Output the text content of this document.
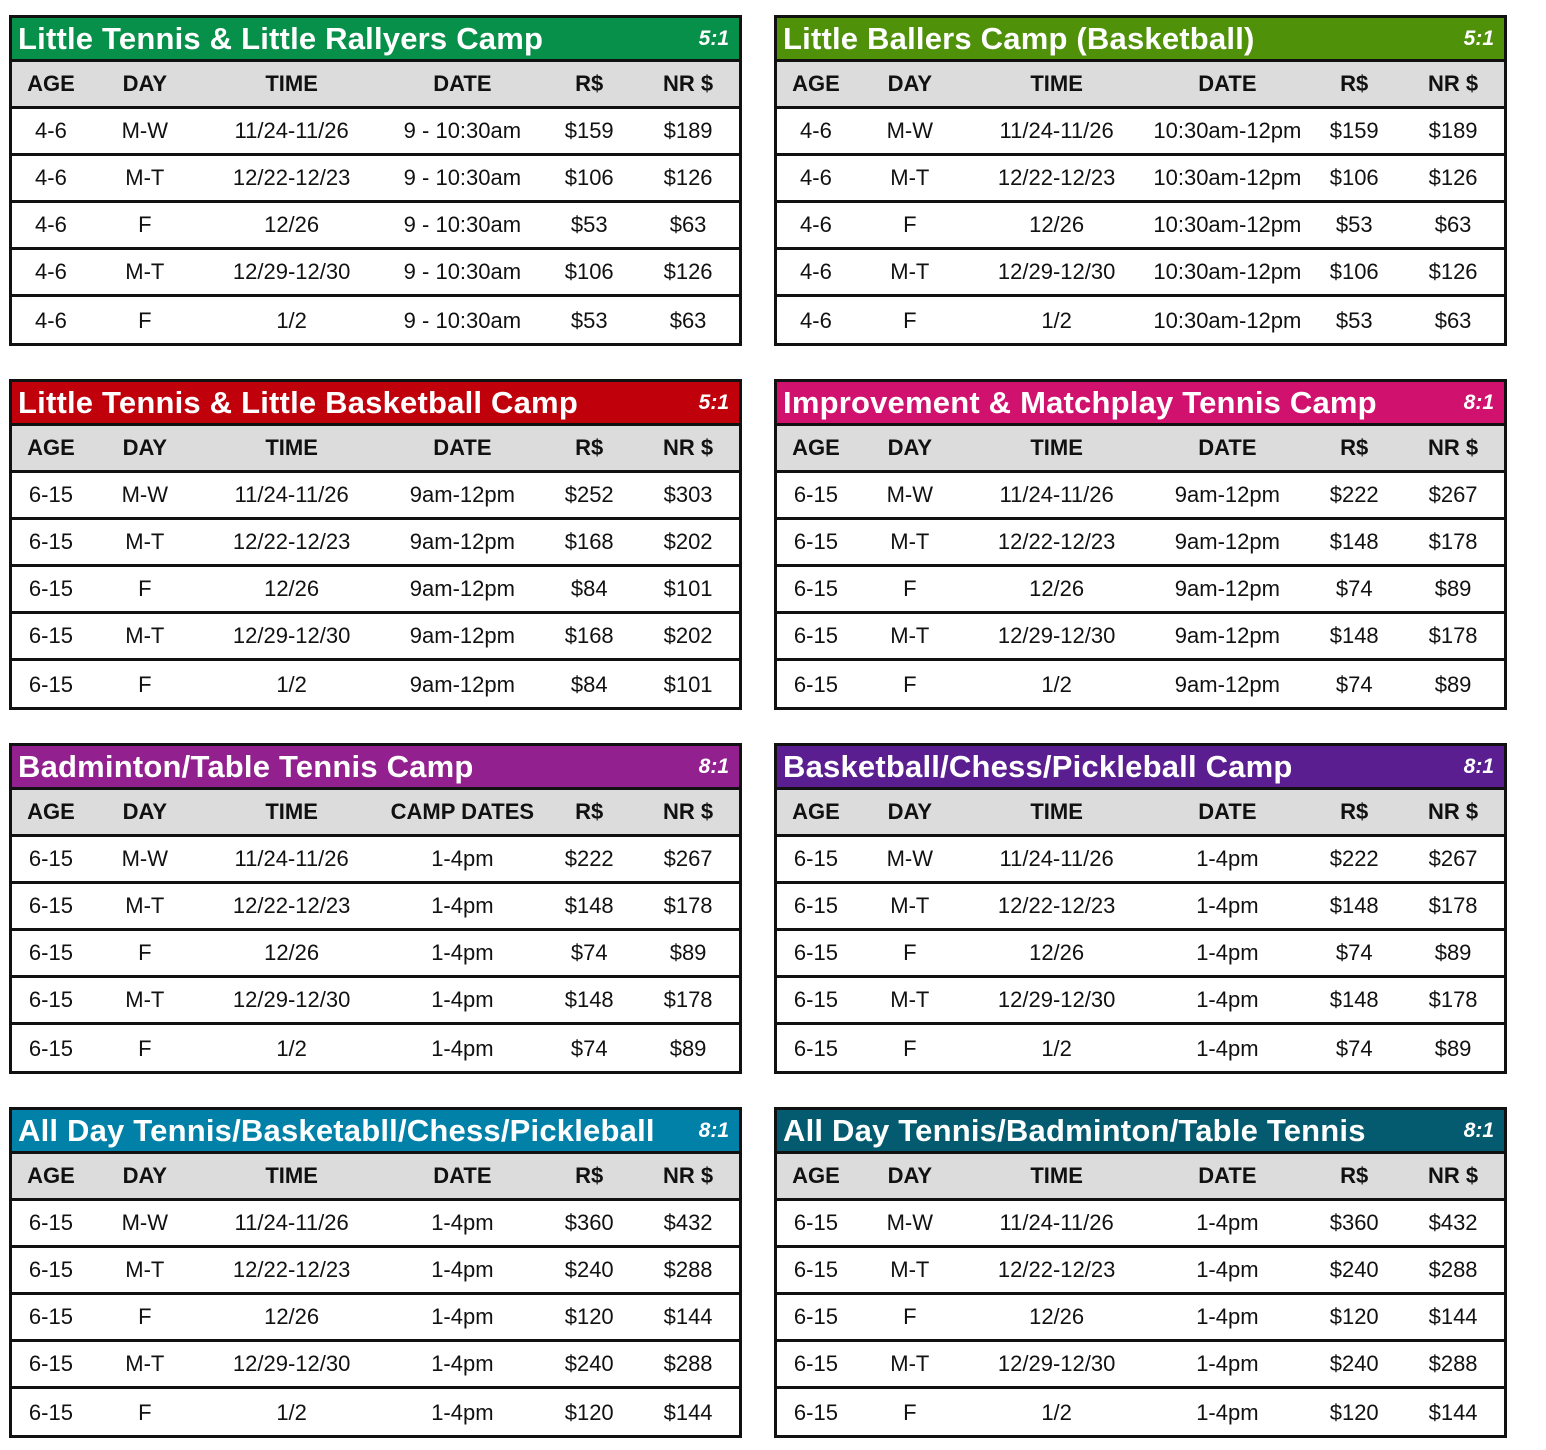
Little Tennis & Little Rallyers Camp	5:1
AGE	DAY	TIME	DATE	R$	NR $
4-6	M-W	11/24-11/26	9 - 10:30am	$159	$189
4-6	M-T	12/22-12/23	9 - 10:30am	$106	$126
4-6	F	12/26	9 - 10:30am	$53	$63
4-6	M-T	12/29-12/30	9 - 10:30am	$106	$126
4-6	F	1/2	9 - 10:30am	$53	$63
Little Ballers Camp (Basketball)	5:1
AGE	DAY	TIME	DATE	R$	NR $
4-6	M-W	11/24-11/26	10:30am-12pm	$159	$189
4-6	M-T	12/22-12/23	10:30am-12pm	$106	$126
4-6	F	12/26	10:30am-12pm	$53	$63
4-6	M-T	12/29-12/30	10:30am-12pm	$106	$126
4-6	F	1/2	10:30am-12pm	$53	$63
Little Tennis & Little Basketball Camp	5:1
AGE	DAY	TIME	DATE	R$	NR $
6-15	M-W	11/24-11/26	9am-12pm	$252	$303
6-15	M-T	12/22-12/23	9am-12pm	$168	$202
6-15	F	12/26	9am-12pm	$84	$101
6-15	M-T	12/29-12/30	9am-12pm	$168	$202
6-15	F	1/2	9am-12pm	$84	$101
Improvement & Matchplay Tennis Camp	8:1
AGE	DAY	TIME	DATE	R$	NR $
6-15	M-W	11/24-11/26	9am-12pm	$222	$267
6-15	M-T	12/22-12/23	9am-12pm	$148	$178
6-15	F	12/26	9am-12pm	$74	$89
6-15	M-T	12/29-12/30	9am-12pm	$148	$178
6-15	F	1/2	9am-12pm	$74	$89
Badminton/Table Tennis Camp	8:1
AGE	DAY	TIME	CAMP DATES	R$	NR $
6-15	M-W	11/24-11/26	1-4pm	$222	$267
6-15	M-T	12/22-12/23	1-4pm	$148	$178
6-15	F	12/26	1-4pm	$74	$89
6-15	M-T	12/29-12/30	1-4pm	$148	$178
6-15	F	1/2	1-4pm	$74	$89
Basketball/Chess/Pickleball Camp	8:1
AGE	DAY	TIME	DATE	R$	NR $
6-15	M-W	11/24-11/26	1-4pm	$222	$267
6-15	M-T	12/22-12/23	1-4pm	$148	$178
6-15	F	12/26	1-4pm	$74	$89
6-15	M-T	12/29-12/30	1-4pm	$148	$178
6-15	F	1/2	1-4pm	$74	$89
All Day Tennis/Basketabll/Chess/Pickleball 8:1
AGE	DAY	TIME	DATE	R$	NR $
6-15	M-W	11/24-11/26	1-4pm	$360	$432
6-15	M-T	12/22-12/23	1-4pm	$240	$288
6-15	F	12/26	1-4pm	$120	$144
6-15	M-T	12/29-12/30	1-4pm	$240	$288
6-15	F	1/2	1-4pm	$120	$144
All Day Tennis/Badminton/Table Tennis	8:1
AGE	DAY	TIME	DATE	R$	NR $
6-15	M-W	11/24-11/26	1-4pm	$360	$432
6-15	M-T	12/22-12/23	1-4pm	$240	$288
6-15	F	12/26	1-4pm	$120	$144
6-15	M-T	12/29-12/30	1-4pm	$240	$288
6-15	F	1/2	1-4pm	$120	$144
